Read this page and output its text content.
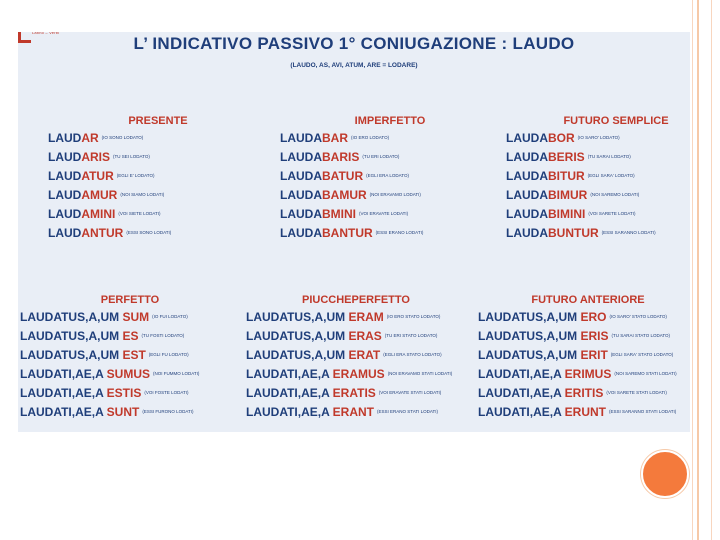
Latino – Verbi
L’ INDICATIVO PASSIVO 1° CONIUGAZIONE : LAUDO
(LAUDO, AS, AVI, ATUM, ARE = LODARE)
PRESENTE
LAUDAR (IO SONO LODATO)
LAUDARIS (TU SEI LODATO)
LAUDATUR (EGLI E' LODATO)
LAUDAMUR (NOI SIAMO LODATI)
LAUDAMINI (VOI SIETE LODATI)
LAUDANTUR (ESSI SONO LODATI)
IMPERFETTO
LAUDABAR (IO ERO LODATO)
LAUDABARIS (TU ERI LODATO)
LAUDABATUR (EGLI ERA LODATO)
LAUDABAMUR (NOI ERAVAMO LODATI)
LAUDABMINI (VOI ERAVATE LODATI)
LAUDABANTUR (ESSI ERANO LODATI)
FUTURO SEMPLICE
LAUDABOR (IO SARO' LODATO)
LAUDABERIS (TU SARAI LODATO)
LAUDABITUR (EGLI SARA' LODATO)
LAUDABIMUR (NOI SAREMO LODATI)
LAUDABIMINI (VOI SARETE LODATI)
LAUDABUNTUR (ESSI SARANNO LODATI)
PERFETTO
LAUDATUS,A,UM SUM (IO FUI LODATO)
LAUDATUS,A,UM ES (TU FOSTI LODATO)
LAUDATUS,A,UM EST (EGLI FU LODATO)
LAUDATI,AE,A SUMUS (NOI FUMMO LODATI)
LAUDATI,AE,A ESTIS (VOI FOSTE LODATI)
LAUDATI,AE,A SUNT (ESSI FURONO LODATI)
PIUCCHEPERFETTO
LAUDATUS,A,UM ERAM (IO ERO STATO LODATO)
LAUDATUS,A,UM ERAS (TU ERI STATO LODATO)
LAUDATUS,A,UM ERAT (EGLI ERA STATO LODATO)
LAUDATI,AE,A ERAMUS (NOI ERAVAMO STATI LODATI)
LAUDATI,AE,A ERATIS (VOI ERAVATE STATI LODATI)
LAUDATI,AE,A ERANT (ESSI ERANO STATI LODATI)
FUTURO ANTERIORE
LAUDATUS,A,UM ERO (IO SARO' STATO LODATO)
LAUDATUS,A,UM ERIS (TU SARAI STATO LODATO)
LAUDATUS,A,UM ERIT (EGLI SARA' STATO LODATO)
LAUDATI,AE,A ERIMUS (NOI SAREMO STATI LODATI)
LAUDATI,AE,A ERITIS (VOI SARETE STATI LODATI)
LAUDATI,AE,A ERUNT (ESSI SARANNO STATI LODATI)
